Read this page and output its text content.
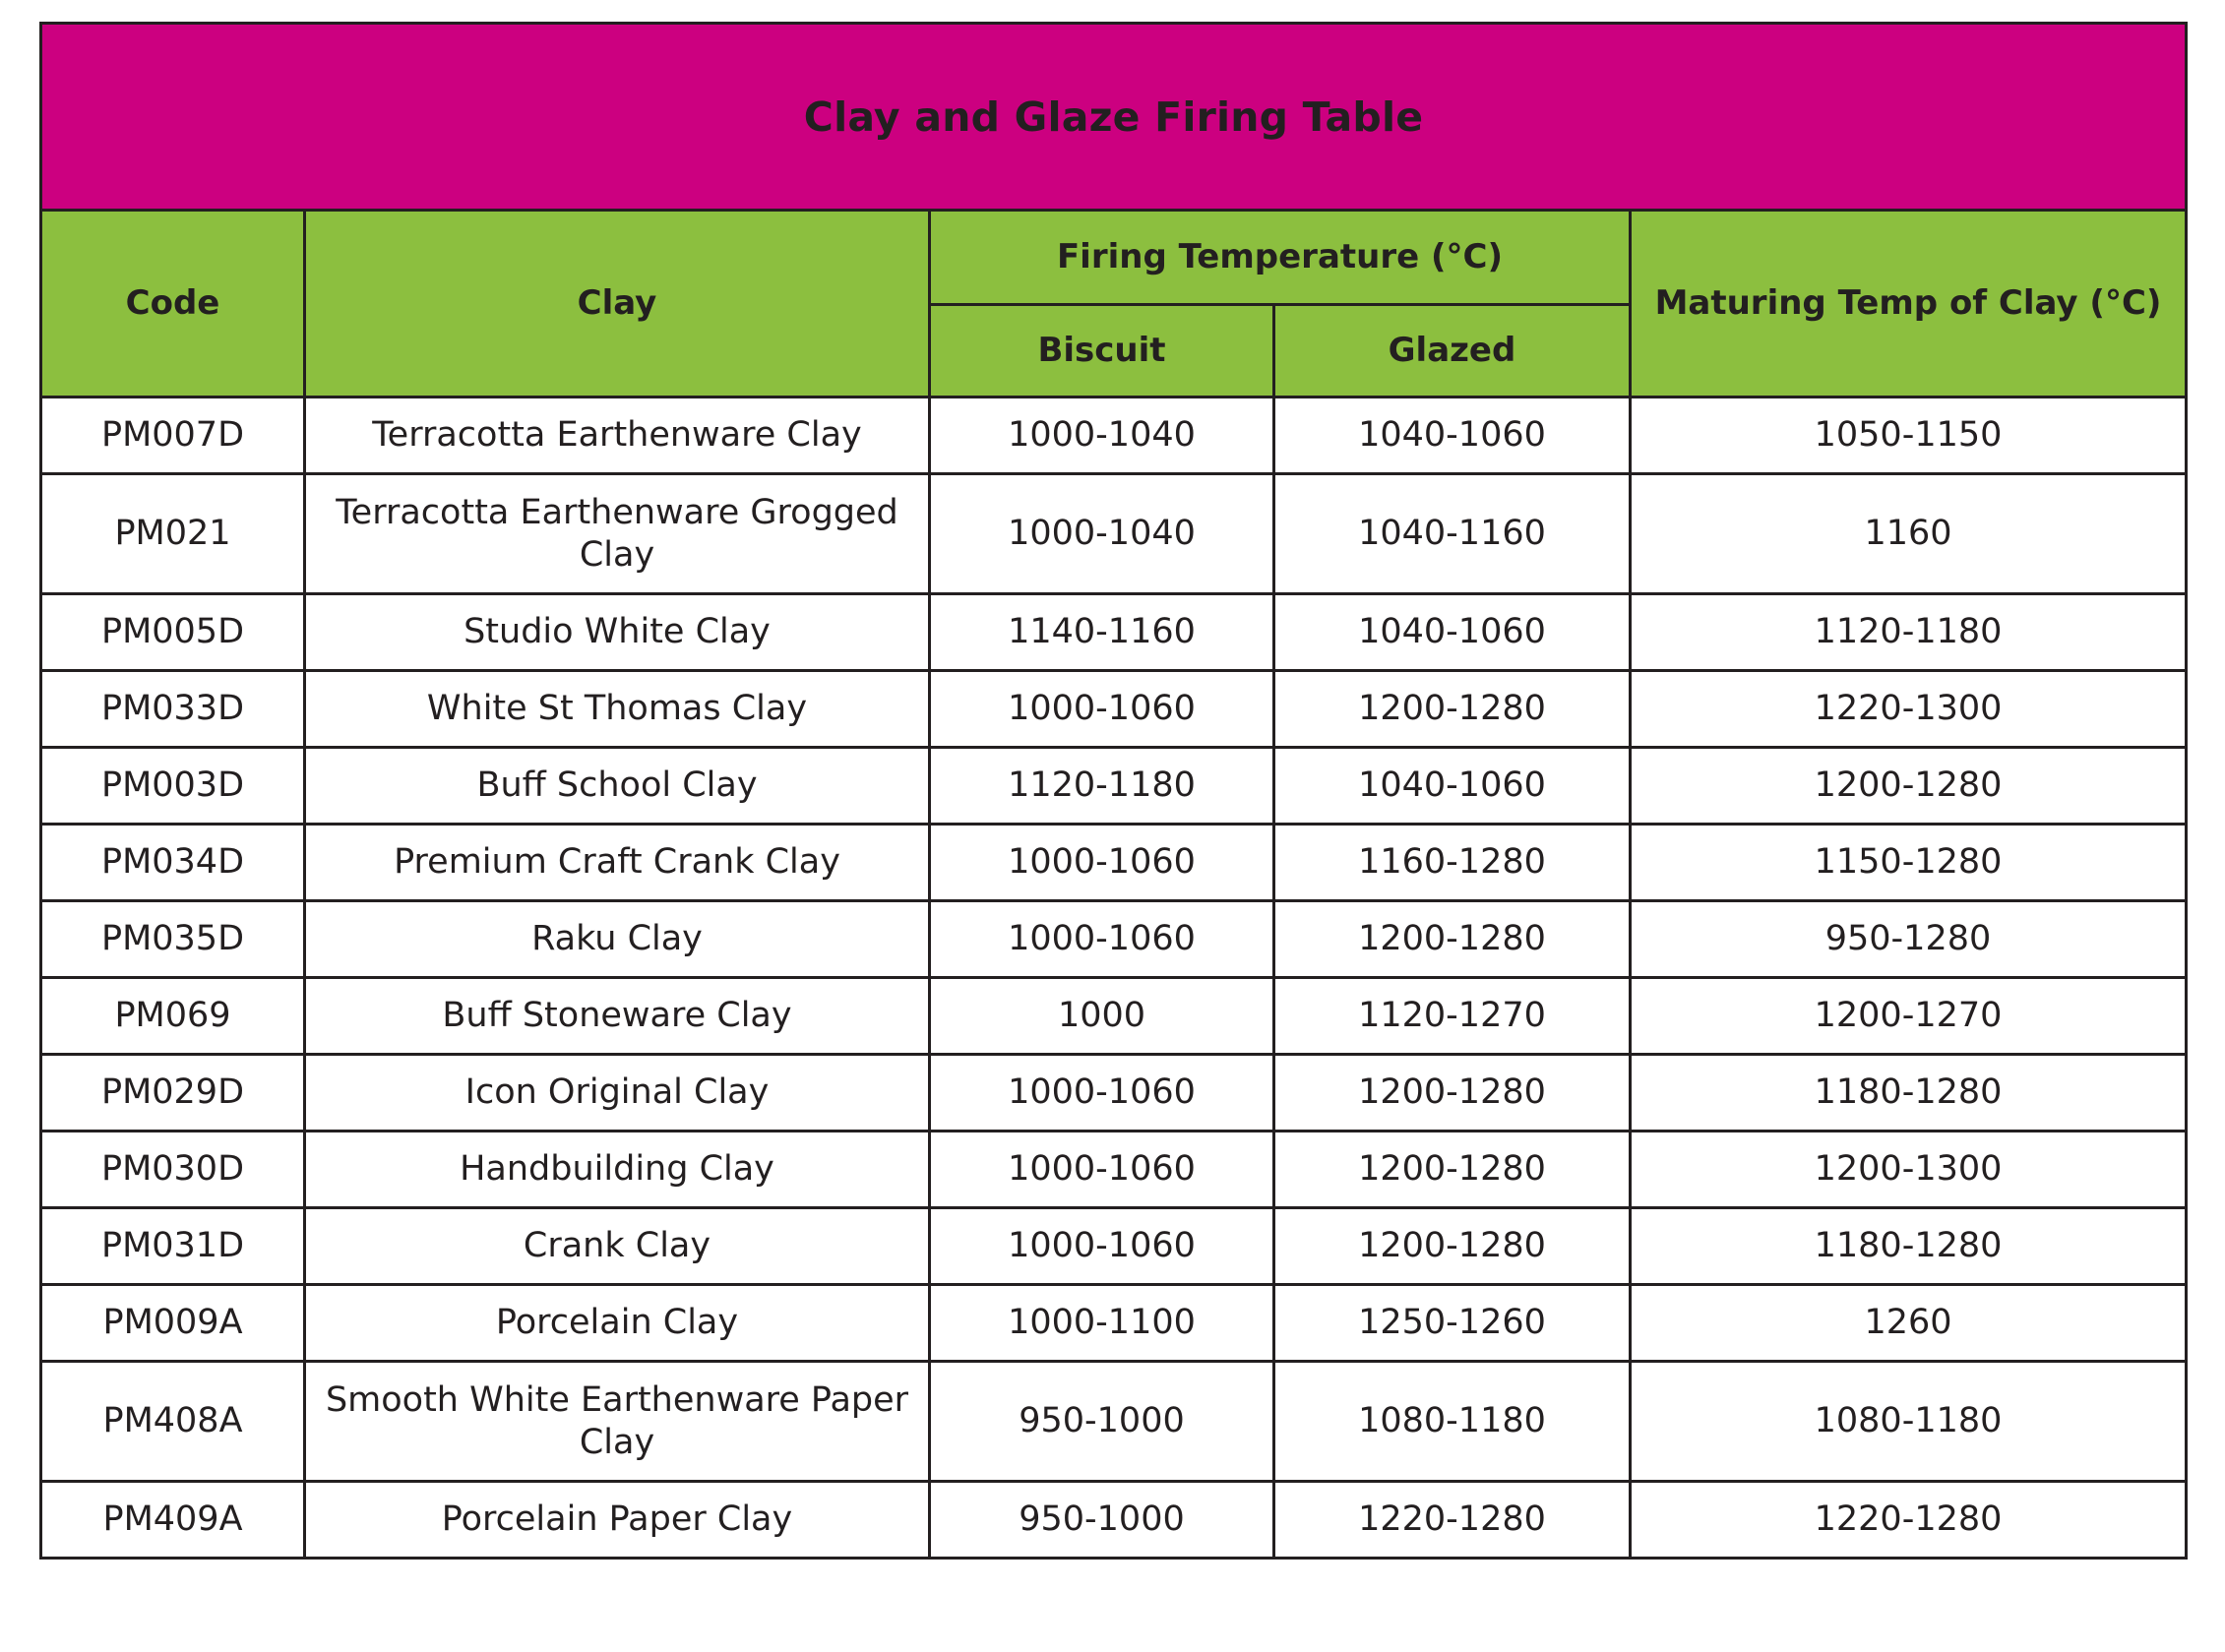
Clay and Glaze Firing Table				
Code	Clay	Firing Temperature (°C)		Maturing Temp of Clay (°C)
		Biscuit	Glazed	
PM007D	Terracotta Earthenware Clay	1000-1040	1040-1060	1050-1150
PM021	Terracotta Earthenware Grogged Clay	1000-1040	1040-1160	1160
PM005D	Studio White Clay	1140-1160	1040-1060	1120-1180
PM033D	White St Thomas Clay	1000-1060	1200-1280	1220-1300
PM003D	Buff School Clay	1120-1180	1040-1060	1200-1280
PM034D	Premium Craft Crank Clay	1000-1060	1160-1280	1150-1280
PM035D	Raku Clay	1000-1060	1200-1280	950-1280
PM069	Buff Stoneware Clay	1000	1120-1270	1200-1270
PM029D	Icon Original Clay	1000-1060	1200-1280	1180-1280
PM030D	Handbuilding Clay	1000-1060	1200-1280	1200-1300
PM031D	Crank Clay	1000-1060	1200-1280	1180-1280
PM009A	Porcelain Clay	1000-1100	1250-1260	1260
PM408A	Smooth White Earthenware Paper Clay	950-1000	1080-1180	1080-1180
PM409A	Porcelain Paper Clay	950-1000	1220-1280	1220-1280
